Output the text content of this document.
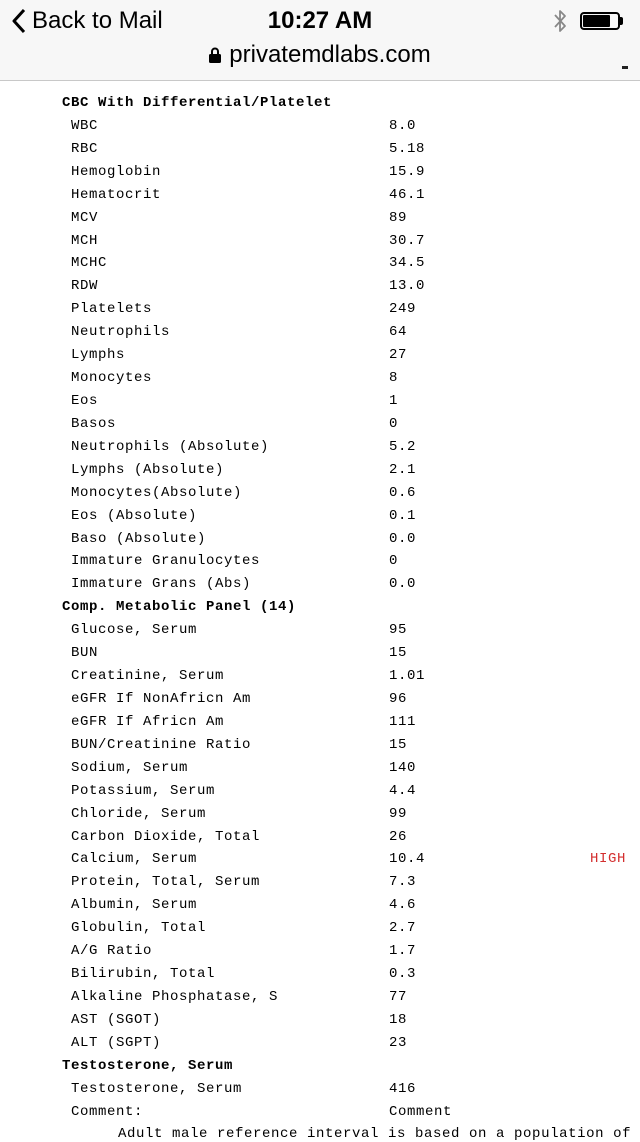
Back to Mail	10:27 AM
privatemdlabs.com
CBC With Differential/Platelet
WBC	8.0
RBC	5.18
Hemoglobin	15.9
Hematocrit	46.1
MCV	89
MCH	30.7
MCHC	34.5
RDW	13.0
Platelets	249
Neutrophils	64
Lymphs	27
Monocytes	8
Eos	1
Basos	0
Neutrophils (Absolute)	5.2
Lymphs (Absolute)	2.1
Monocytes(Absolute)	0.6
Eos (Absolute)	0.1
Baso (Absolute)	0.0
Immature Granulocytes	0
Immature Grans (Abs)	0.0
Comp. Metabolic Panel (14)
Glucose, Serum	95
BUN	15
Creatinine, Serum	1.01
eGFR If NonAfricn Am	96
eGFR If Africn Am	111
BUN/Creatinine Ratio	15
Sodium, Serum	140
Potassium, Serum	4.4
Chloride, Serum	99
Carbon Dioxide, Total	26
Calcium, Serum	10.4	HIGH
Protein, Total, Serum	7.3
Albumin, Serum	4.6
Globulin, Total	2.7
A/G Ratio	1.7
Bilirubin, Total	0.3
Alkaline Phosphatase, S	77
AST (SGOT)	18
ALT (SGPT)	23
Testosterone, Serum
Testosterone, Serum	416
Comment:	Comment
Adult male reference interval is based on a population of
